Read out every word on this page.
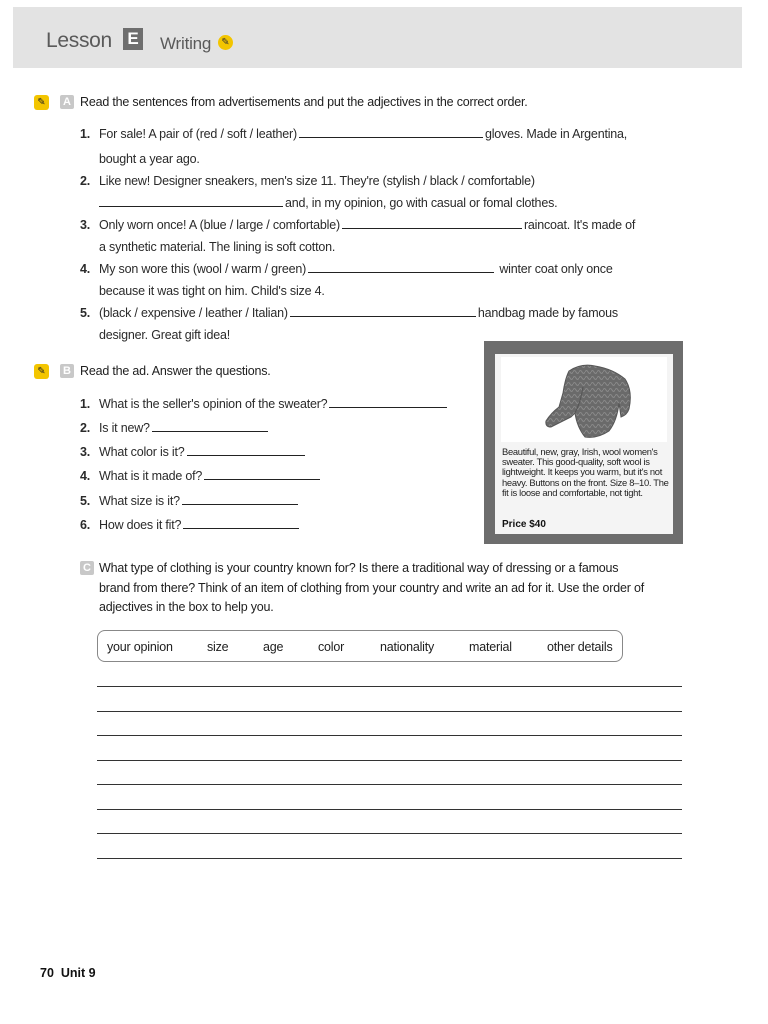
Lesson E Writing	✎
✎	A Read the sentences from advertisements and put the adjectives in the correct order.
1. For sale! A pair of (red / soft / leather)	gloves. Made in Argentina,
bought a year ago.
2. Like new! Designer sneakers, men's size 11. They're (stylish / black / comfortable)
and, in my opinion, go with casual or fomal clothes.
3. Only worn once! A (blue / large / comfortable)	raincoat. It's made of
a synthetic material. The lining is soft cotton.
4. My son wore this (wool / warm / green)	winter coat only once
because it was tight on him. Child's size 4.
5. (black / expensive / leather / Italian)	handbag made by famous
designer. Great gift idea!
✎	B Read the ad. Answer the questions.
1. What is the seller's opinion of the sweater?
2. Is it new?
3. What color is it?
4. What is it made of?
5. What size is it?
6. How does it fit?
Beautiful, new, gray, Irish, wool women's sweater. This good-quality, soft wool is lightweight. It keeps you warm, but it's not heavy. Buttons on the front. Size 8–10. The fit is loose and comfortable, not tight.
Price $40
C What type of clothing is your country known for? Is there a traditional way of dressing or a famous
brand from there? Think of an item of clothing from your country and write an ad for it. Use the order of
adjectives in the box to help you.
your opinion	size	age	color	nationality	material	other details
70 Unit 9
